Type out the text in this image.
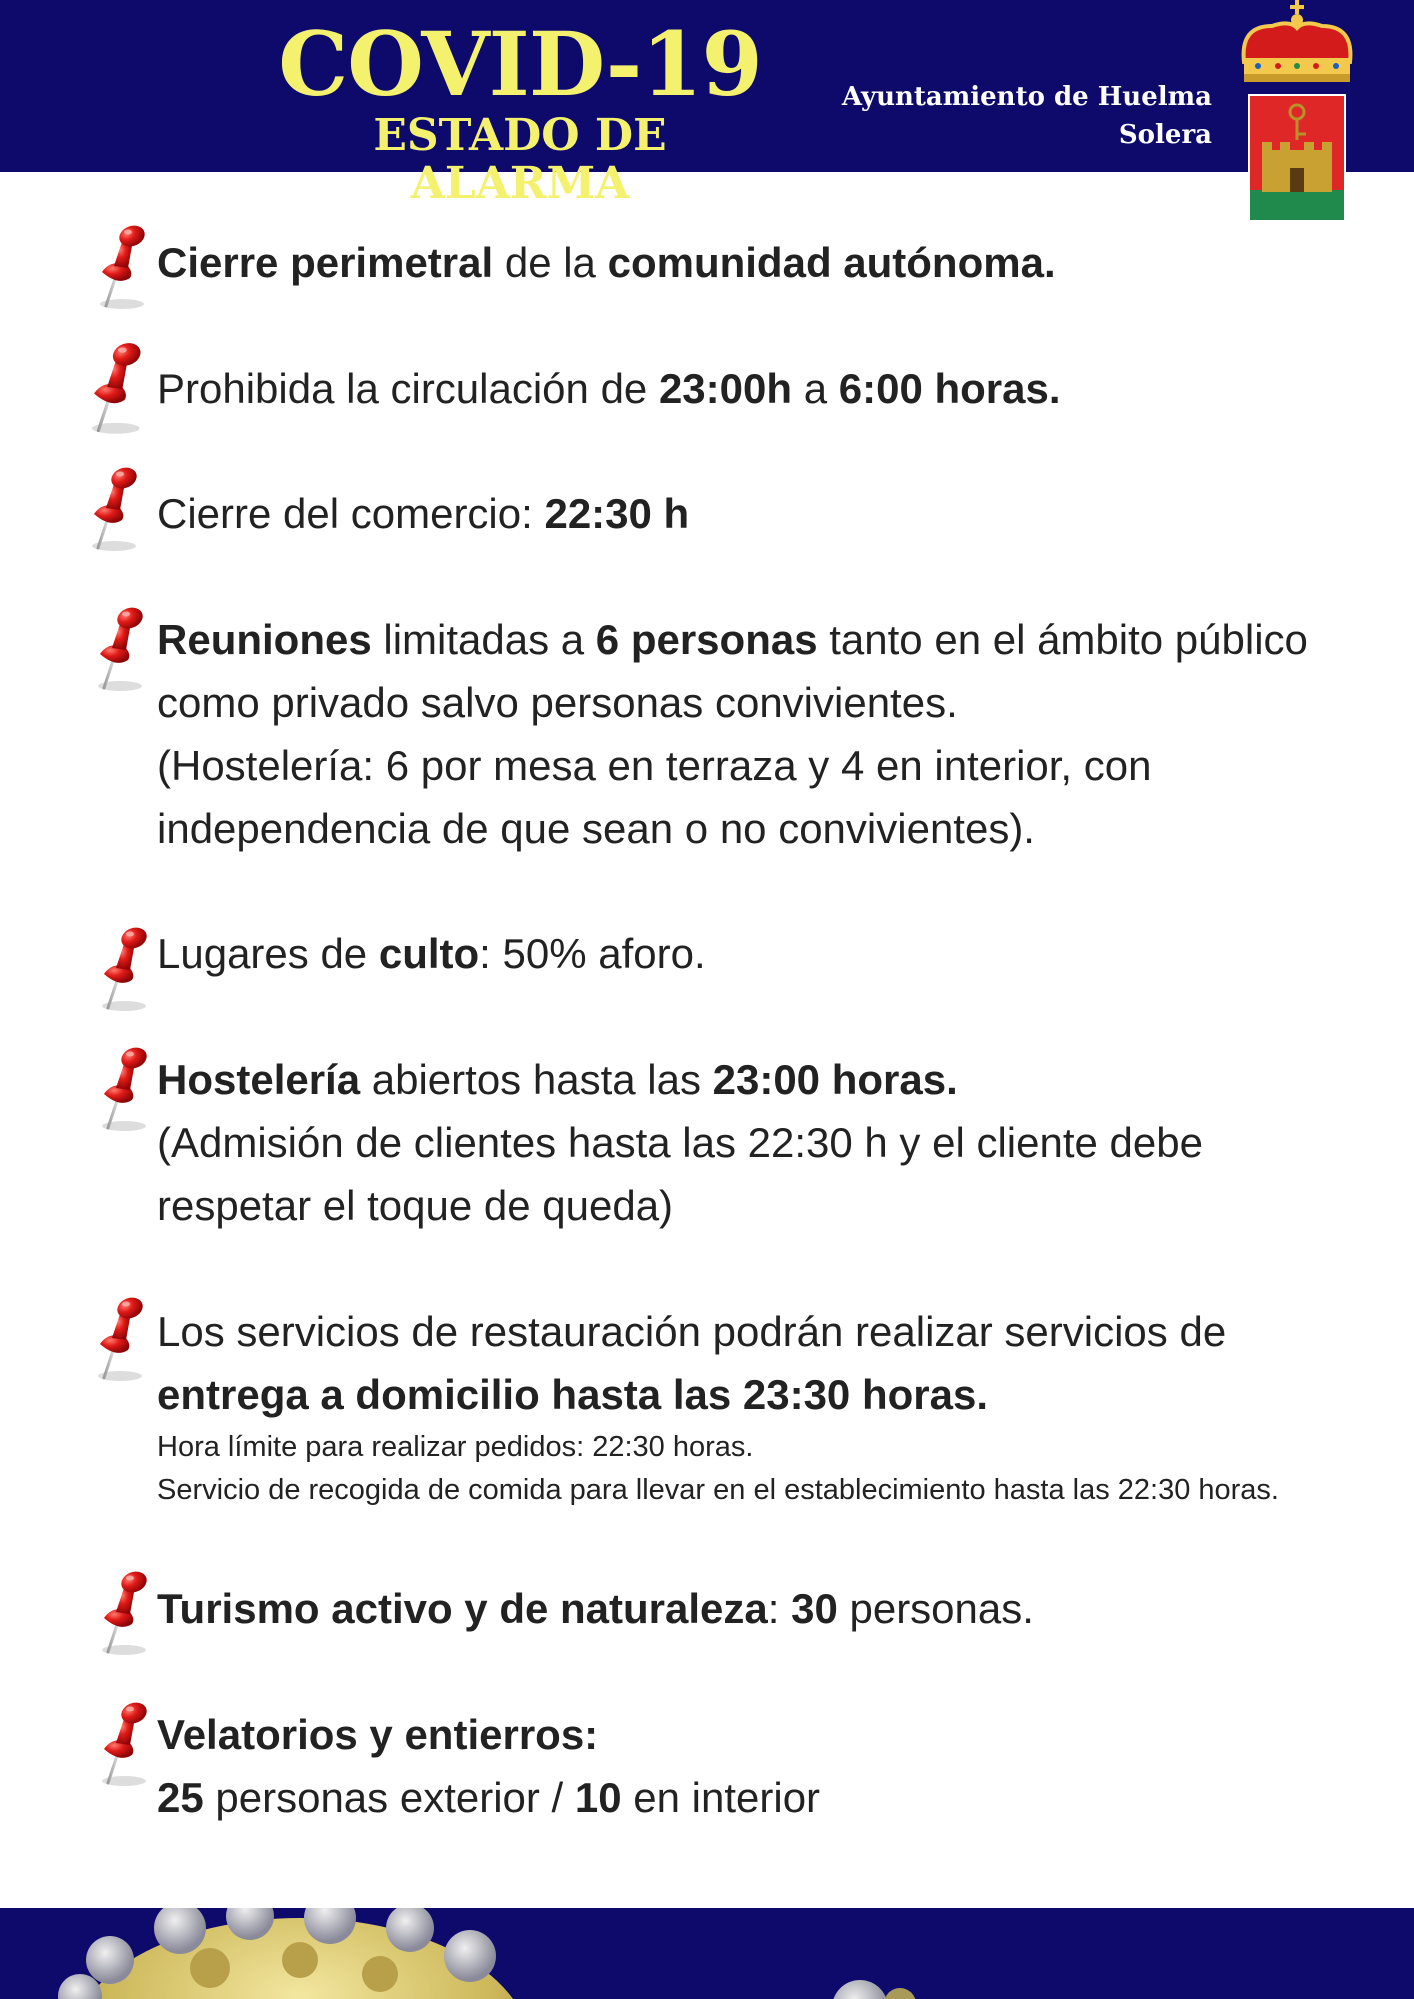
COVID-19
ESTADO DE ALARMA
Ayuntamiento de Huelma
Solera
Cierre perimetral de la comunidad autónoma.
Prohibida la circulación de 23:00h a 6:00 horas.
Cierre del comercio: 22:30 h
Reuniones limitadas a 6 personas tanto en el ámbito público
como privado salvo personas convivientes.
(Hostelería: 6 por mesa en terraza y 4 en interior, con
independencia de que sean o no convivientes).
Lugares de culto: 50% aforo.
Hostelería abiertos hasta las 23:00 horas.
(Admisión de clientes hasta las 22:30 h y el cliente debe
respetar el toque de queda)
Los servicios de restauración podrán realizar servicios de
entrega a domicilio hasta las 23:30 horas.
Hora límite para realizar pedidos: 22:30 horas.
Servicio de recogida de comida para llevar en el establecimiento hasta las 22:30 horas.
Turismo activo y de naturaleza: 30 personas.
Velatorios y entierros:
25 personas exterior / 10 en interior
